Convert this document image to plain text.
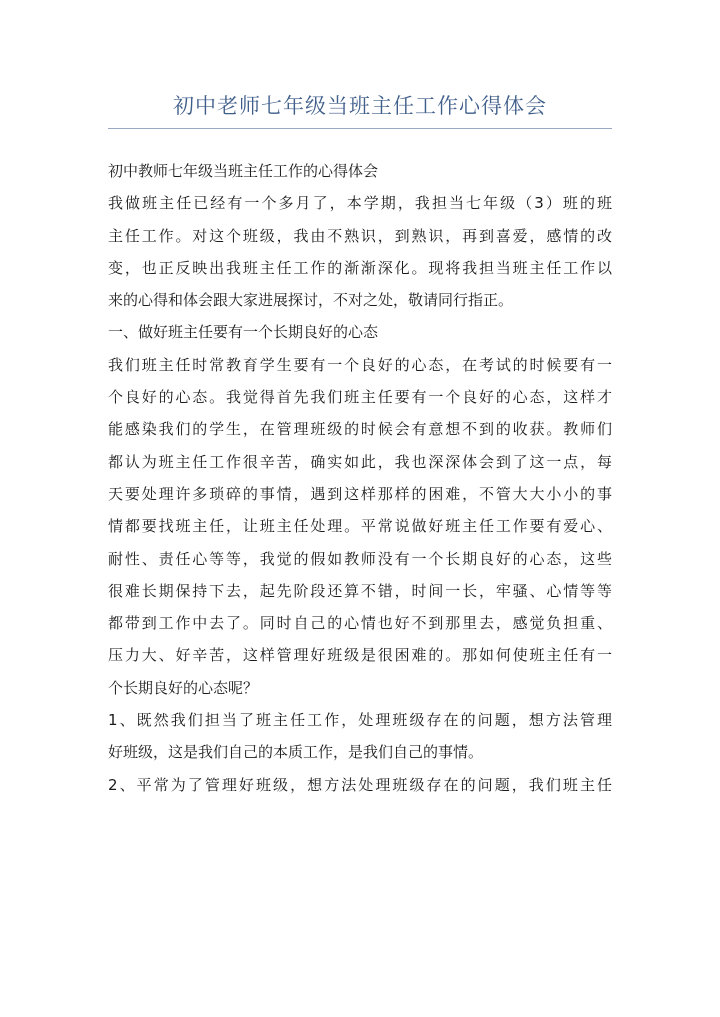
初中老师七年级当班主任工作心得体会
初中教师七年级当班主任工作的心得体会
我做班主任已经有一个多月了，本学期，我担当七年级（3）班的班
主任工作。对这个班级，我由不熟识，到熟识，再到喜爱，感情的改
变，也正反映出我班主任工作的渐渐深化。现将我担当班主任工作以
来的心得和体会跟大家进展探讨，不对之处，敬请同行指正。
一、做好班主任要有一个长期良好的心态
我们班主任时常教育学生要有一个良好的心态，在考试的时候要有一
个良好的心态。我觉得首先我们班主任要有一个良好的心态，这样才
能感染我们的学生，在管理班级的时候会有意想不到的收获。教师们
都认为班主任工作很辛苦，确实如此，我也深深体会到了这一点，每
天要处理许多琐碎的事情，遇到这样那样的困难，不管大大小小的事
情都要找班主任，让班主任处理。平常说做好班主任工作要有爱心、
耐性、责任心等等，我觉的假如教师没有一个长期良好的心态，这些
很难长期保持下去，起先阶段还算不错，时间一长，牢骚、心情等等
都带到工作中去了。同时自己的心情也好不到那里去，感觉负担重、
压力大、好辛苦，这样管理好班级是很困难的。那如何使班主任有一
个长期良好的心态呢？
1、既然我们担当了班主任工作，处理班级存在的问题，想方法管理
好班级，这是我们自己的本质工作，是我们自己的事情。
2、平常为了管理好班级，想方法处理班级存在的问题，我们班主任
